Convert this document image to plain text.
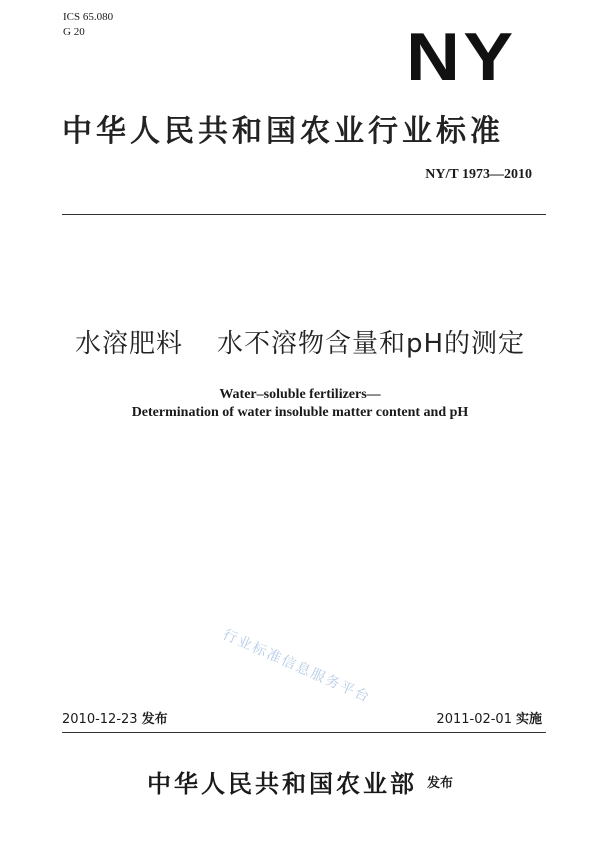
ICS 65.080
G 20	NY
中华人民共和国农业行业标准
NY/T 1973—2010
水溶肥料 水不溶物含量和pH的测定
Water–soluble fertilizers—
Determination of water insoluble matter content and pH
行业标准信息服务平台
2010-12-23 发布	2011-02-01 实施
中华人民共和国农业部 发布
